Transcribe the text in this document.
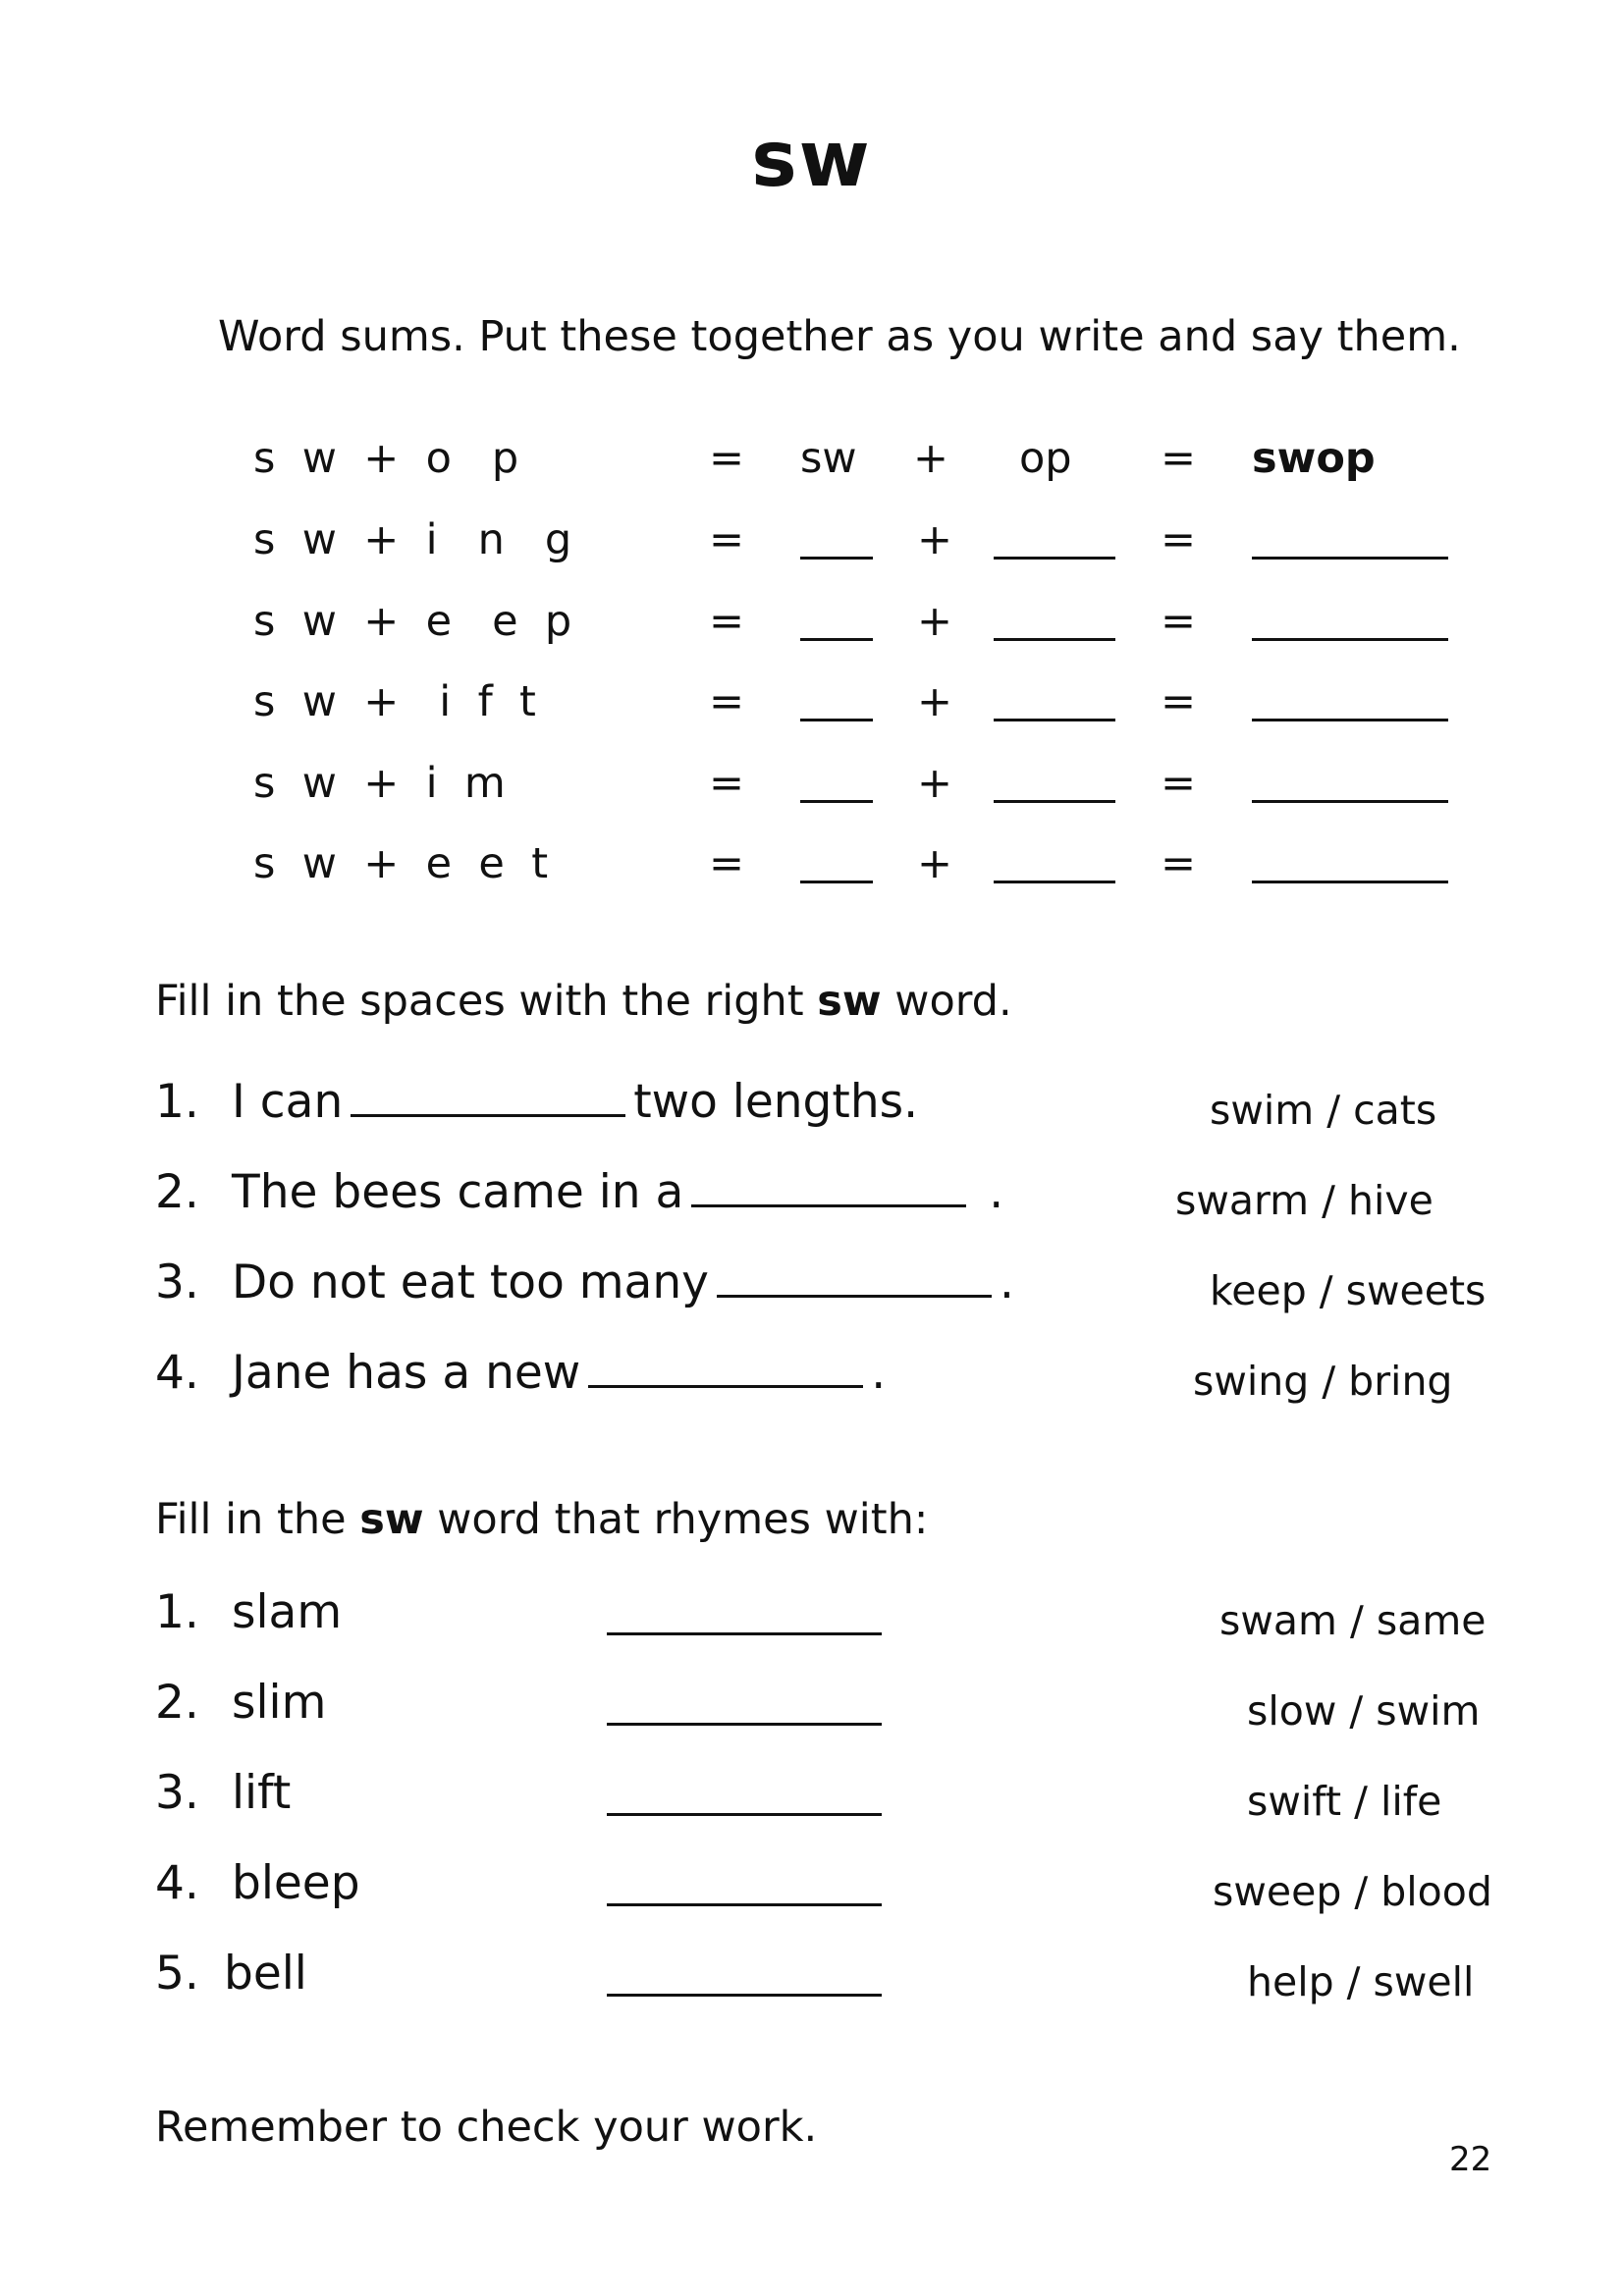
sw
Word sums. Put these together as you write and say them.
s  w  +  o   p	= sw + op = swop
s  w  +  i   n   g	=	+	=
s  w  +  e   e  p	=	+	=
s  w  +   i  f  t	=	+	=
s  w  +  i  m	=	+	=
s  w  +  e  e  t	=	+	=
Fill in the spaces with the right sw word.
1. I can	two lengths.	swim / cats
2. The bees came in a	.	swarm / hive
3. Do not eat too many	.	keep / sweets
4. Jane has a new	.	swing / bring
Fill in the sw word that rhymes with:
1. slam	swam / same
2. slim	slow / swim
3. lift	swift / life
4. bleep	sweep / blood
5. bell	help / swell
Remember to check your work.
22
